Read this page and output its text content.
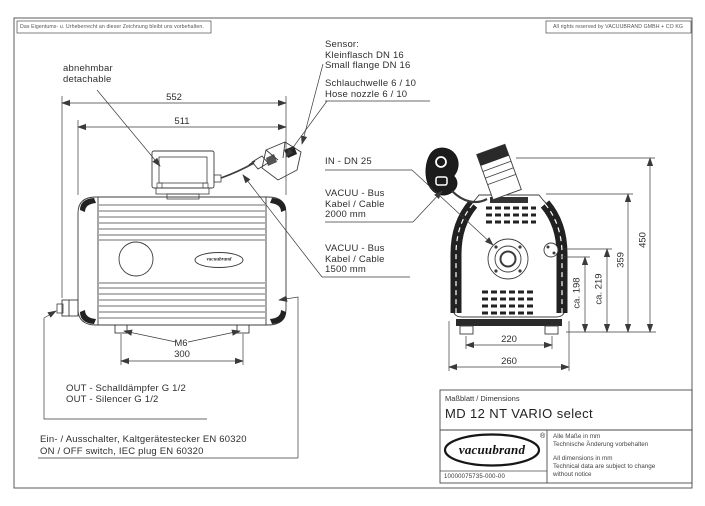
Das Eigentums- u. Urheberrecht an dieser Zeichnung bleibt uns vorbehalten.	All rights reserved by VACUUBRAND GMBH + CO KG
abnehmbar
detachable
552
511
Sensor:
Kleinflasch DN 16
Small flange DN 16
Schlauchwelle 6 / 10
Hose nozzle 6 / 10
IN - DN 25
VACUU - Bus
Kabel / Cable
2000 mm
VACUU - Bus
Kabel / Cable
1500 mm
M6
300
OUT - Schalldämpfer G 1/2
OUT - Silencer G 1/2
Ein- / Ausschalter, Kaltgerätestecker EN 60320
ON / OFF switch, IEC plug EN 60320
220
260
ca. 198 ca. 219
359
450
vacuubrand
Maßblatt / Dimensions
MD 12 NT VARIO select
vacuubrand
® Alle Maße in mm
Technische Änderung vorbehalten
All dimensions in mm
Technical data are subject to change
without notice
10000075735-000-00
